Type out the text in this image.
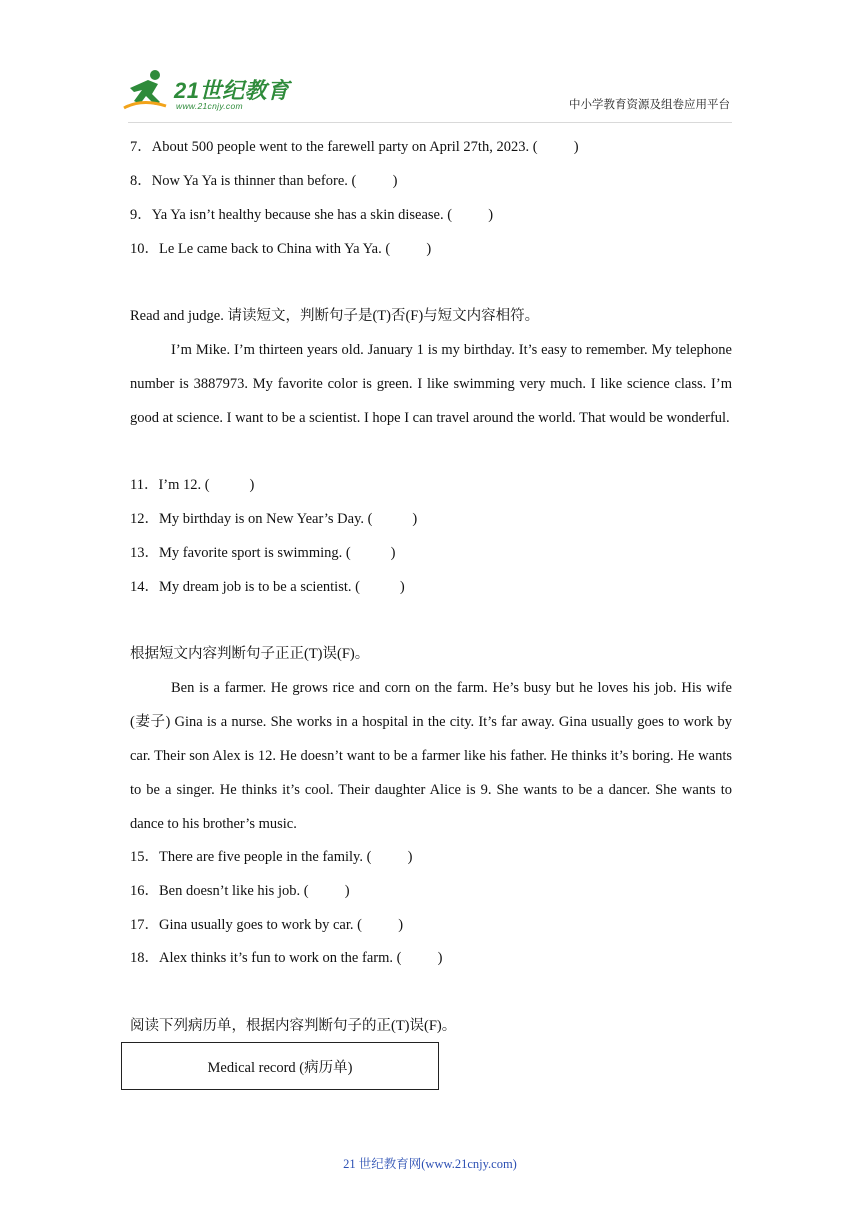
21世纪教育
www.21cnjy.com	中小学教育资源及组卷应用平台
7．About 500 people went to the farewell party on April 27th, 2023. (          )
8．Now Ya Ya is thinner than before. (          )
9．Ya Ya isn’t healthy because she has a skin disease. (          )
10．Le Le came back to China with Ya Ya. (          )
Read and judge. 请读短文，判断句子是(T)否(F)与短文内容相符。
I’m Mike. I’m thirteen years old. January 1 is my birthday. It’s easy to remember. My telephone number is 3887973. My favorite color is green. I like swimming very much. I like science class. I’m good at science. I want to be a scientist. I hope I can travel around the world. That would be wonderful.
11．I’m 12. (           )
12．My birthday is on New Year’s Day. (           )
13．My favorite sport is swimming. (           )
14．My dream job is to be a scientist. (           )
根据短文内容判断句子正正(T)误(F)。
Ben is a farmer. He grows rice and corn on the farm. He’s busy but he loves his job. His wife (妻子) Gina is a nurse. She works in a hospital in the city. It’s far away. Gina usually goes to work by car. Their son Alex is 12. He doesn’t want to be a farmer like his father. He thinks it’s boring. He wants to be a singer. He thinks it’s cool. Their daughter Alice is 9. She wants to be a dancer. She wants to dance to his brother’s music.
15．There are five people in the family. (          )
16．Ben doesn’t like his job. (          )
17．Gina usually goes to work by car. (          )
18．Alex thinks it’s fun to work on the farm. (          )
阅读下列病历单，根据内容判断句子的正(T)误(F)。
Medical record (病历单)
21 世纪教育网(www.21cnjy.com)
